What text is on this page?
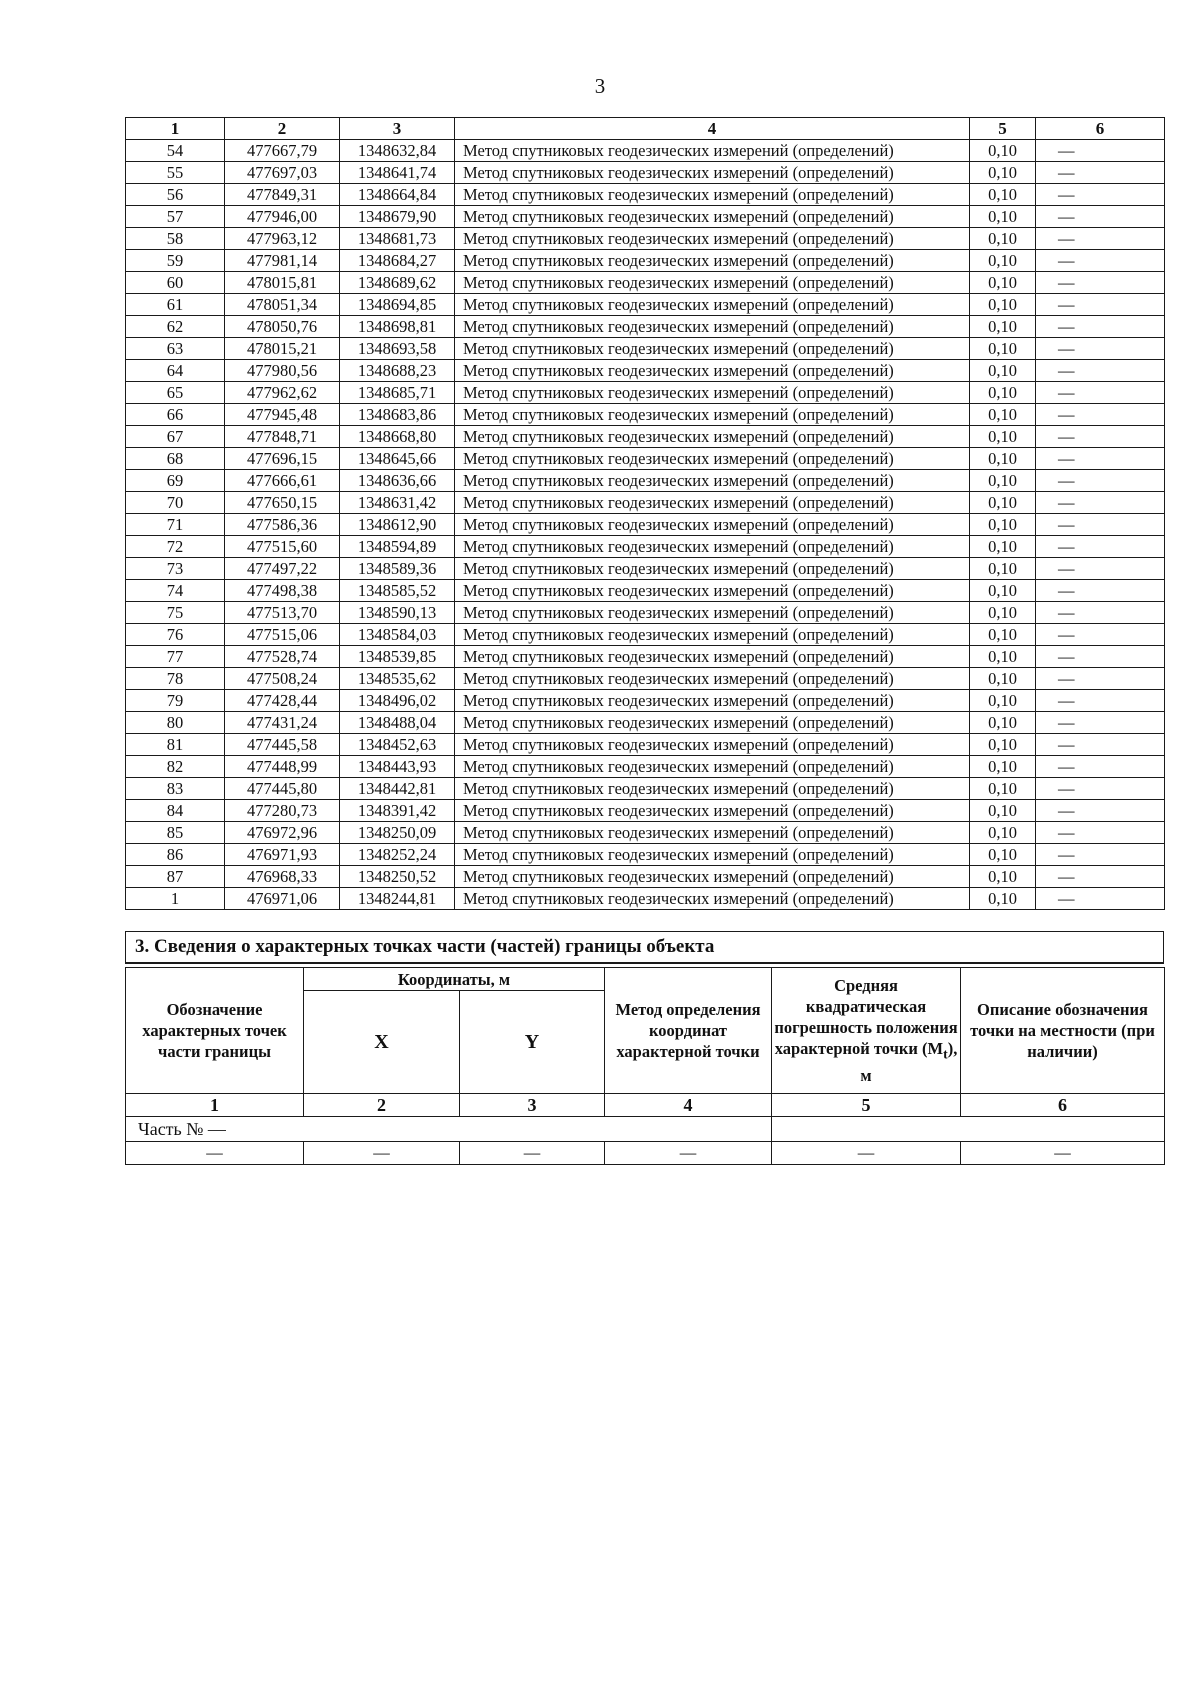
3
1	2	3	4	5	6
54	477667,79	1348632,84	Метод спутниковых геодезических измерений (определений)	0,10	—
55	477697,03	1348641,74	Метод спутниковых геодезических измерений (определений)	0,10	—
56	477849,31	1348664,84	Метод спутниковых геодезических измерений (определений)	0,10	—
57	477946,00	1348679,90	Метод спутниковых геодезических измерений (определений)	0,10	—
58	477963,12	1348681,73	Метод спутниковых геодезических измерений (определений)	0,10	—
59	477981,14	1348684,27	Метод спутниковых геодезических измерений (определений)	0,10	—
60	478015,81	1348689,62	Метод спутниковых геодезических измерений (определений)	0,10	—
61	478051,34	1348694,85	Метод спутниковых геодезических измерений (определений)	0,10	—
62	478050,76	1348698,81	Метод спутниковых геодезических измерений (определений)	0,10	—
63	478015,21	1348693,58	Метод спутниковых геодезических измерений (определений)	0,10	—
64	477980,56	1348688,23	Метод спутниковых геодезических измерений (определений)	0,10	—
65	477962,62	1348685,71	Метод спутниковых геодезических измерений (определений)	0,10	—
66	477945,48	1348683,86	Метод спутниковых геодезических измерений (определений)	0,10	—
67	477848,71	1348668,80	Метод спутниковых геодезических измерений (определений)	0,10	—
68	477696,15	1348645,66	Метод спутниковых геодезических измерений (определений)	0,10	—
69	477666,61	1348636,66	Метод спутниковых геодезических измерений (определений)	0,10	—
70	477650,15	1348631,42	Метод спутниковых геодезических измерений (определений)	0,10	—
71	477586,36	1348612,90	Метод спутниковых геодезических измерений (определений)	0,10	—
72	477515,60	1348594,89	Метод спутниковых геодезических измерений (определений)	0,10	—
73	477497,22	1348589,36	Метод спутниковых геодезических измерений (определений)	0,10	—
74	477498,38	1348585,52	Метод спутниковых геодезических измерений (определений)	0,10	—
75	477513,70	1348590,13	Метод спутниковых геодезических измерений (определений)	0,10	—
76	477515,06	1348584,03	Метод спутниковых геодезических измерений (определений)	0,10	—
77	477528,74	1348539,85	Метод спутниковых геодезических измерений (определений)	0,10	—
78	477508,24	1348535,62	Метод спутниковых геодезических измерений (определений)	0,10	—
79	477428,44	1348496,02	Метод спутниковых геодезических измерений (определений)	0,10	—
80	477431,24	1348488,04	Метод спутниковых геодезических измерений (определений)	0,10	—
81	477445,58	1348452,63	Метод спутниковых геодезических измерений (определений)	0,10	—
82	477448,99	1348443,93	Метод спутниковых геодезических измерений (определений)	0,10	—
83	477445,80	1348442,81	Метод спутниковых геодезических измерений (определений)	0,10	—
84	477280,73	1348391,42	Метод спутниковых геодезических измерений (определений)	0,10	—
85	476972,96	1348250,09	Метод спутниковых геодезических измерений (определений)	0,10	—
86	476971,93	1348252,24	Метод спутниковых геодезических измерений (определений)	0,10	—
87	476968,33	1348250,52	Метод спутниковых геодезических измерений (определений)	0,10	—
1	476971,06	1348244,81	Метод спутниковых геодезических измерений (определений)	0,10	—
3. Сведения о характерных точках части (частей) границы объекта
Обозначение характерных точек части границы	Координаты, м		Метод определения координат характерной точки	Средняя квадратическая погрешность положения характерной точки $(M_t)$, м	Описание обозначения точки на местности (при наличии)
	X	Y			
1	2	3	4	5	6
Часть № —					
—	—	—	—	—	—
